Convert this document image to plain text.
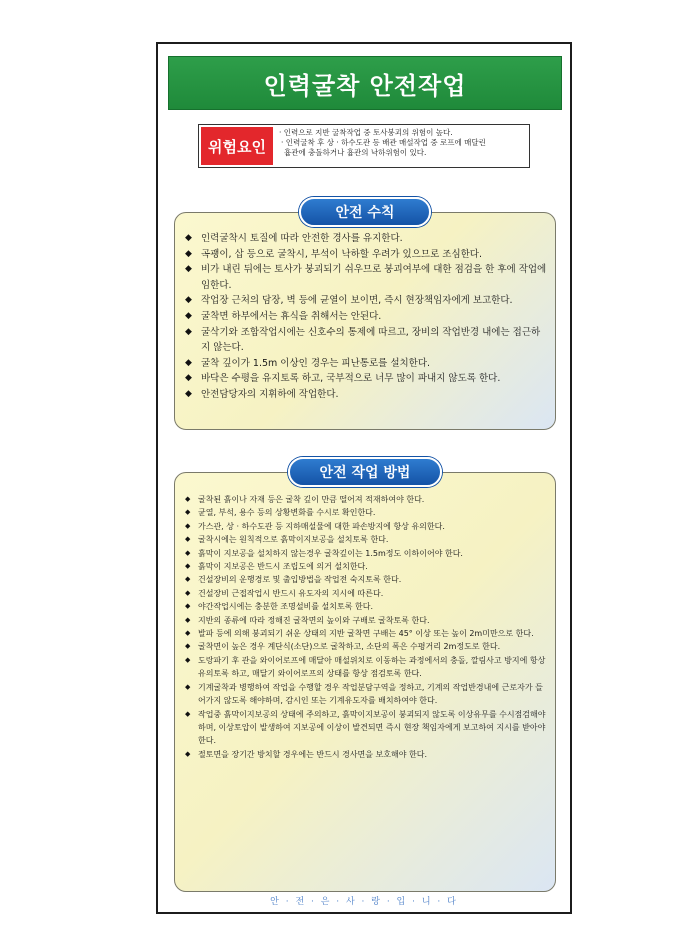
인력굴착 안전작업
위험요인
· 인력으로 지반 굴착작업 중 토사붕괴의 위험이 높다.
· 인력굴착 후 상 · 하수도관 등 배관 매설작업 중 로프에 매달린
흄관에 충돌하거나 흄관의 낙하위험이 있다.
안전 수칙
◆ 인력굴착시 토질에 따라 안전한 경사를 유지한다.
◆ 곡괭이, 삽 등으로 굴착시, 부석이 낙하할 우려가 있으므로 조심한다.
◆ 비가 내린 뒤에는 토사가 붕괴되기 쉬우므로 붕괴여부에 대한 점검을 한 후에 작업에 임한다.
◆ 작업장 근처의 담장, 벽 등에 균열이 보이면, 즉시 현장책임자에게 보고한다.
◆ 굴착면 하부에서는 휴식을 취해서는 안된다.
◆ 굴삭기와 조합작업시에는 신호수의 통제에 따르고, 장비의 작업반경 내에는 접근하지 않는다.
◆ 굴착 깊이가 1.5m 이상인 경우는 피난통로를 설치한다.
◆ 바닥은 수평을 유지토록 하고, 국부적으로 너무 많이 파내지 않도록 한다.
◆ 안전담당자의 지휘하에 작업한다.
안전 작업 방법
◆ 굴착된 흙이나 자재 등은 굴착 깊이 만큼 떨어져 적재하여야 한다.
◆ 균열, 부석, 용수 등의 상황변화를 수시로 확인한다.
◆ 가스관, 상 · 하수도관 등 지하매설물에 대한 파손방지에 항상 유의한다.
◆ 굴착시에는 원칙적으로 흙막이지보공을 설치토록 한다.
◆ 흙막이 지보공을 설치하지 않는경우 굴착깊이는 1.5m정도 이하이어야 한다.
◆ 흙막이 지보공은 반드시 조립도에 의거 설치한다.
◆ 건설장비의 운행경로 및 출입방법을 작업전 숙지토록 한다.
◆ 건설장비 근접작업시 반드시 유도자의 지시에 따른다.
◆ 야간작업시에는 충분한 조명설비를 설치토록 한다.
◆ 지반의 종류에 따라 정해진 굴착면의 높이와 구배로 굴착토록 한다.
◆ 발파 등에 의해 붕괴되기 쉬운 상태의 지반 굴착면 구배는 45° 이상 또는 높이 2m미만으로 한다.
◆ 굴착면이 높은 경우 계단식(소단)으로 굴착하고, 소단의 폭은 수평거리 2m정도로 한다.
◆ 도랑파기 후 관을 와이어로프에 매달아 매설위치로 이동하는 과정에서의 충돌, 깔림사고 방지에 항상 유의토록 하고, 매달기 와이어로프의 상태를 항상 점검토록 한다.
◆ 기계굴착과 병행하여 작업을 수행할 경우 작업분담구역을 정하고, 기계의 작업반경내에 근로자가 들어가지 않도록 해야하며, 감시인 또는 기계유도자를 배치하여야 한다.
◆ 작업중 흙막이지보공의 상태에 주의하고, 흙막이지보공이 붕괴되지 않도록 이상유무를 수시점검해야 하며, 이상토압이 발생하여 지보공에 이상이 발견되면 즉시 현장 책임자에게 보고하여 지시를 받아야 한다.
◆ 절토면을 장기간 방치할 경우에는 반드시 경사면을 보호해야 한다.
안 · 전 · 은 · 사 · 랑 · 입 · 니 · 다
